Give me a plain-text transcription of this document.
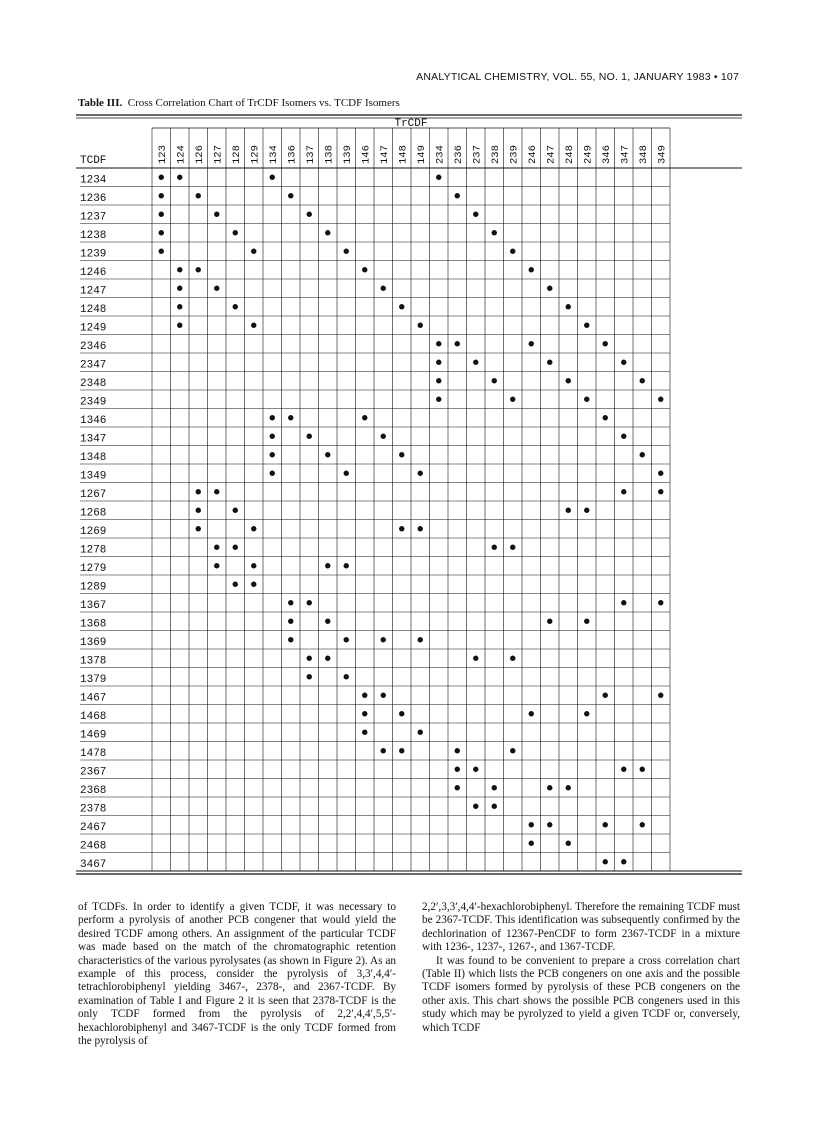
ANALYTICAL CHEMISTRY, VOL. 55, NO. 1, JANUARY 1983 • 107
Table III. Cross Correlation Chart of TrCDF Isomers vs. TCDF Isomers
TrCDF
TCDF	123 124 126 127 128 129 134 136 137 138 139 146 147 148 149 234 236 237 238 239 246 247 248 249 346 347 348 349
1234
1236
1237
1238
1239
1246
1247
1248
1249
2346
2347
2348
2349
1346
1347
1348
1349
1267
1268
1269
1278
1279
1289
1367
1368
1369
1378
1379
1467
1468
1469
1478
2367
2368
2378
2467
2468
3467

of TCDFs. In order to identify a given TCDF, it was necessary to perform a pyrolysis of another PCB congener that would yield the desired TCDF among others. An assignment of the particular TCDF was made based on the match of the chromatographic retention characteristics of the various pyrolysates (as shown in Figure 2). As an example of this process, consider the pyrolysis of 3,3′,4,4′-tetrachlorobiphenyl yielding 3467-, 2378-, and 2367-TCDF. By examination of Table I and Figure 2 it is seen that 2378-TCDF is the only TCDF formed from the pyrolysis of 2,2′,4,4′,5,5′-hexachlorobiphenyl and 3467-TCDF is the only TCDF formed from the pyrolysis of

2,2′,3,3′,4,4′-hexachlorobiphenyl. Therefore the remaining TCDF must be 2367-TCDF. This identification was subsequently confirmed by the dechlorination of 12367-PenCDF to form 2367-TCDF in a mixture with 1236-, 1237-, 1267-, and 1367-TCDF.

It was found to be convenient to prepare a cross correlation chart (Table II) which lists the PCB congeners on one axis and the possible TCDF isomers formed by pyrolysis of these PCB congeners on the other axis. This chart shows the possible PCB congeners used in this study which may be pyrolyzed to yield a given TCDF or, conversely, which TCDF
